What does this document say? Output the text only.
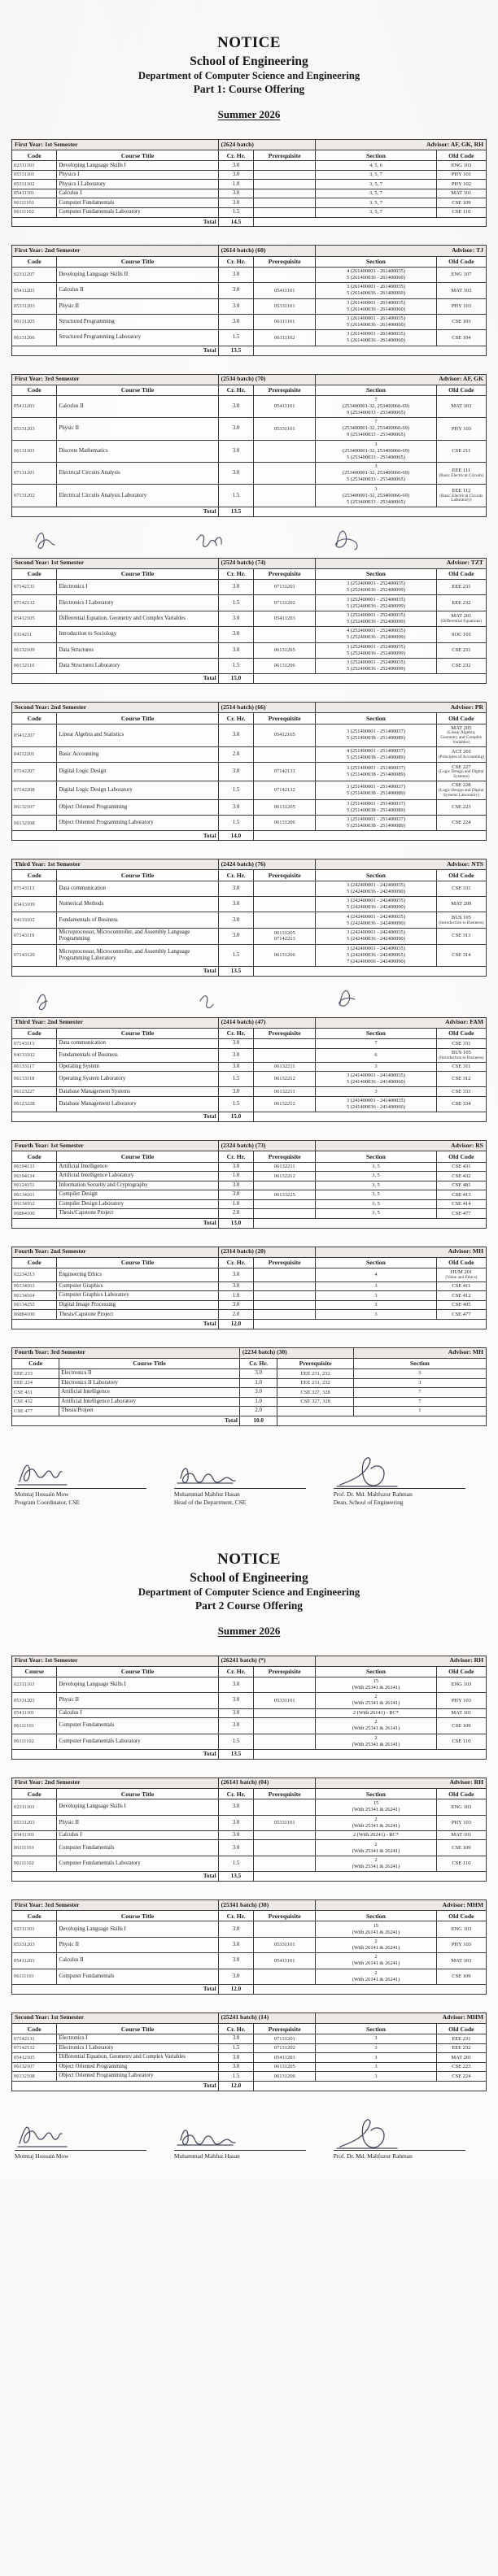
NOTICE
School of Engineering
Department of Computer Science and Engineering
Part 1: Course Offering
Summer 2026
First Year: 1st Semester		(2624 batch)		Advisor: AF, GK, RH	
Code	Course Title	Cr. Hr.	Prerequisite	Section	Old Code
02311103	Developing Language Skills I	3.0		4, 5, 6	ENG 103
05331101	Physics I	3.0		3, 5, 7	PHY 101
05331102	Physics I Laboratory	1.0		3, 5, 7	PHY 102
05411101	Calculus I	3.0		3, 5, 7	MAT 101
06111101	Computer Fundamentals	3.0		3, 5, 7	CSE 109
06111102	Computer Fundamentals Laboratory	1.5		3, 5, 7	CSE 110
Total		14.5			
First Year: 2nd Semester		(2614 batch) (60)		Advisor: TJ	
Code	Course Title	Cr. Hr.	Prerequisite	Section	Old Code
02311207	Developing Language Skills II	3.0		4 (261400001 - 261400035)
5 (261400036 - 261400060)	ENG 107
05411203	Calculus II	3.0	05411101	3 (261400001 - 261400035)
5 (261400036 - 261400060)	MAT 103
05331203	Physic II	3.0	05331101	3 (261400001 - 261400035)
5 (261400036 - 261400060)	PHY 103
06131205	Structured Programming	3.0	06111101	3 (261400001 - 261400035)
5 (261400036 - 261400060)	CSE 103
06131206	Structured Programming Laboratory	1.5	06111102	3 (261400001 - 261400035)
5 (261400036 - 261400060)	CSE 104
Total		13.5			
First Year: 3rd Semester		(2534 batch) (70)		Advisor: AF, GK	
Code	Course Title	Cr. Hr.	Prerequisite	Section	Old Code
05411203	Calculus II	3.0	05411101	7
(253400001-32, 253400066-69)
9 (253400033 - 253400065)	MAT 103
05331203	Physic II	3.0	05331101	7
(253400001-32, 253400066-69)
9 (253400033 - 253400065)	PHY 103
06131103	Discrete Mathematics	3.0		3
(253400001-32, 253400066-69)
5 (253400033 - 253400065)	CSE 211
07131201	Electrical Circuits Analysis	3.0		3
(253400001-32, 253400066-69)
5 (253400033 - 253400065)	EEE 111
(Basic Electrical Circuits)

07131202	Electrical Circuits Analysis Laboratory	1.5		3
(253400001-32, 253400066-69)
5 (253400033 - 253400065)	EEE 112
(Basic Electrical Circuits Laboratory)

Total		13.5			
Second Year: 1st Semester		(2524 batch) (74)		Advisor: TZT	
Code	Course Title	Cr. Hr.	Prerequisite	Section	Old Code
07142131	Electronics I	3.0	07131201	3 (252400001 - 252400035)
5 (252400036 - 252400099)	EEE 231
07142132	Electronics I Laboratory	1.5	07131202	3 (252400001 - 252400035)
5 (252400036 - 252400099)	EEE 232
05412105	Differential Equation, Geometry and Complex Variables	3.0	05411203	3 (252400001 - 252400035)
5 (252400036 - 252400099)	MAT 201
(Differential Equations)

0314211	Introduction to Sociology	3.0		4 (252400001 - 252400035)
5 (252400036 - 252400099)	SOC 101
06132109	Data Structures	3.0	06131205	3 (252400001 - 252400035)
5 (252400036 - 252400099)	CSE 231
06132110	Data Structures Laboratory	1.5	06131206	3 (252400001 - 252400035)
5 (252400036 - 252400099)	CSE 232
Total		15.0			
Second Year: 2nd Semester		(2514 batch) (66)		Advisor: PR	
Code	Course Title	Cr. Hr.	Prerequisite	Section	Old Code
05412207	Linear Algebra and Statistics	3.0	05412105	3 (251400001 - 251400037)
5 (251400038 - 251400089)	MAT 205
(Linear Algebra, Geometry and Complex Variables)

04112201	Basic Accounting	2.0		4 (251400001 - 251400037)
5 (251400038 - 251400089)	ACT 201
(Principles of Accounting)

07142207	Digital Logic Design	3.0	07142131	3 (251400001 - 251400037)
5 (251400038 - 251400089)	CSE 227
(Logic Design and Digital Systems)

07142208	Digital Logic Design Laboratory	1.5	07142132	3 (251400001 - 251400037)
5 (251400038 - 251400089)	CSE 228
(Logic Design and Digital Systems Laboratory)

06132107	Object Oriented Programming	3.0	06131205	3 (251400001 - 251400037)
5 (251400038 - 251400089)	CSE 223
06132108	Object Oriented Programming Laboratory	1.5	06131206	3 (251400001 - 251400037)
5 (251400038 - 251400089)	CSE 224
Total		14.0			
Third Year: 1st Semester		(2424 batch) (76)		Advisor: NTS	
Code	Course Title	Cr. Hr.	Prerequisite	Section	Old Code
07143113	Data communication	3.0		3 (242400001 - 242400035)
5 (242400036 - 242400090)	CSE 331
05413109	Numerical Methods	3.0		3 (242400001 - 242400035)
5 (242400036 - 242400090)	MAT 209
04133102	Fundamentals of Business	3.0		4 (242400001 - 242400035)
5 (242400036 - 242400090)	BUS 105
(Introduction to Business)

07143119	Microprocessor, Microcontroller, and Assembly Language Programming	3.0	06131205
07142213	3 (242400001 - 242400035)
5 (242400036 - 242400090)	CSE 313
07143120	Microprocessor, Microcontroller, and Assembly Language Programming Laboratory	1.5	06131206	3 (242400001 - 242400035)
5 (242400036 - 242400065)
7 (242400066 - 242400090)	CSE 314
Total		13.5			
Third Year: 2nd Semester		(2414 batch) (47)		Advisor: FAM	
Code	Course Title	Cr. Hr.	Prerequisite	Section	Old Code
07143113	Data communication	3.0		7	CSE 331
04133102	Fundamentals of Business	3.0		6	BUS 105
(Introduction to Business)

06133117	Operating System	3.0	06132211	3	CSE 311
06133118	Operating System Laboratory	1.5	06132212	3 (241400001 - 241400035)
5 (241400036 - 241400060)	CSE 312
06123227	Database Management Systems	3.0	06132211	3	CSE 333
06123228	Database Management Laboratory	1.5	06132212	3 (241400001 - 241400035)
5 (241400036 - 241400060)	CSE 334
Total		15.0			
Fourth Year: 1st Semester		(2324 batch) (73)		Advisor: RS	
Code	Course Title	Cr. Hr.	Prerequisite	Section	Old Code
06194133	Artificial Intelligence	3.0	06132211	3, 5	CSE 431
06194134	Artificial Intelligence Laboratory	1.0	06132212	3, 5	CSE 432
06124151	Information Security and Cryptography	3.0		3, 5	CSE 481
06134161	Compiler Design	3.0	06133225	3, 5	CSE 413
06134162	Compiler Design Laboratory	1.0		3, 5	CSE 414
06884100	Thesis/Capstone Project	2.0		3, 5	CSE 477
Total		13.0			
Fourth Year: 2nd Semester		(2314 batch) (20)		Advisor: MH	
Code	Course Title	Cr. Hr.	Prerequisite	Section	Old Code
02234213	Engineering Ethics	3.0		4	HUM 201
(Value and Ethics)

06134163	Computer Graphics	3.0		3	CSE 411
06134164	Computer Graphics Laboratory	1.0		3	CSE 412
06134255	Digital Image Processing	3.0		3	CSE 495
06884100	Thesis/Capstone Project	2.0		3	CSE 477
Total		12.0			
Fourth Year: 3rd Semester		(2234 batch) (30)		Advisor: MH
Code	Course Title	Cr. Hr.	Prerequisite	Section
EEE 233	Electronics II	3.0	EEE 231, 232	3
EEE 234	Electronics II Laboratory	1.0	EEE 231, 232	3
CSE 431	Artificial Intelligence	3.0	CSE 327, 328	7
CSE 432	Artificial Intelligence Laboratory	1.0	CSE 327, 328	7
CSE 477	Thesis/Projeet	2.0		1
Total		10.0		
Momtaj Hossain Mow
Program Coordinator, CSE
Muhammad Mahfuz Hasan
Head of the Department, CSE
Prof. Dr. Md. Mahfuzur Rahman
Dean, School of Engineering
NOTICE
School of Engineering
Department of Computer Science and Engineering
Part 2 Course Offering
Summer 2026
First Year: 1st Semester		(26241 batch) (*)		Advisor: RH	
Course	Course Title	Cr. Hr.	Prerequisite	Section	Old Code
02311103	Developing Language Skills I	3.0		15
(With 25341 & 26141)	ENG 103
05331203	Physic II	3.0	05331101	2
(With 25341 & 26141)	PHY 103
05411101	Calculus I	3.0		2 (With 26141) - RC*	MAT 101
06111101	Computer Fundamentals	3.0		2
(With 25341 & 26141)	CSE 109
06111102	Computer Fundamentals Laboratory	1.5		2
(With 25341 & 26141)	CSE 110
Total		13.5			
First Year: 2nd Semester		(26141 batch) (04)		Advisor: RH	
Code	Course Title	Cr. Hr.	Prerequisite	Section	Old Code
02311103	Developing Language Skills I	3.0		15
(With 25341 & 26241)	ENG 103
05331203	Physic II	3.0	05331101	2
(With 25341 & 26241)	PHY 103
05411101	Calculus I	3.0		2 (With 26241) - RC*	MAT 101
06111101	Computer Fundamentals	3.0		2
(With 25341 & 26241)	CSE 109
06111102	Computer Fundamentals Laboratory	1.5		2
(With 25341 & 26241)	CSE 110
Total		13.5			
First Year: 3rd Semester		(25341 batch) (30)		Advisor: MHM	
Code	Course Title	Cr. Hr.	Prerequisite	Section	Old Code
02311103	Developing Language Skills I	3.0		15
(With 26141 & 26241)	ENG 103
05331203	Physic II	3.0	05331101	2
(With 26141 & 26241)	PHY 103
05411203	Calculus II	3.0	05411101	2
(With 26141 & 26241)	MAT 103
06111101	Computer Fundamentals	3.0		2
(With 26141 & 26241)	CSE 109
Total		12.0			
Second Year: 1st Semester		(25241 batch) (14)		Advisor: MHM	
Code	Course Title	Cr. Hr.	Prerequisite	Section	Old Code
07142131	Electronics I	3.0	07131201	3	EEE 231
07142132	Electronics I Laboratory	1.5	07131202	3	EEE 232
05412105	Differential Equation, Geometry and Complex Variables	3.0	05411203	3	MAT 201
06132107	Object Oriented Programming	3.0	06131205	3	CSE 223
06132108	Object Oriented Programming Laboratory	1.5	06131206	3	CSE 224
Total		12.0			
Momtaj Hossain Mow	Muhammad Mahfuz Hasan	Prof. Dr. Md. Mahfuzur Rahman
